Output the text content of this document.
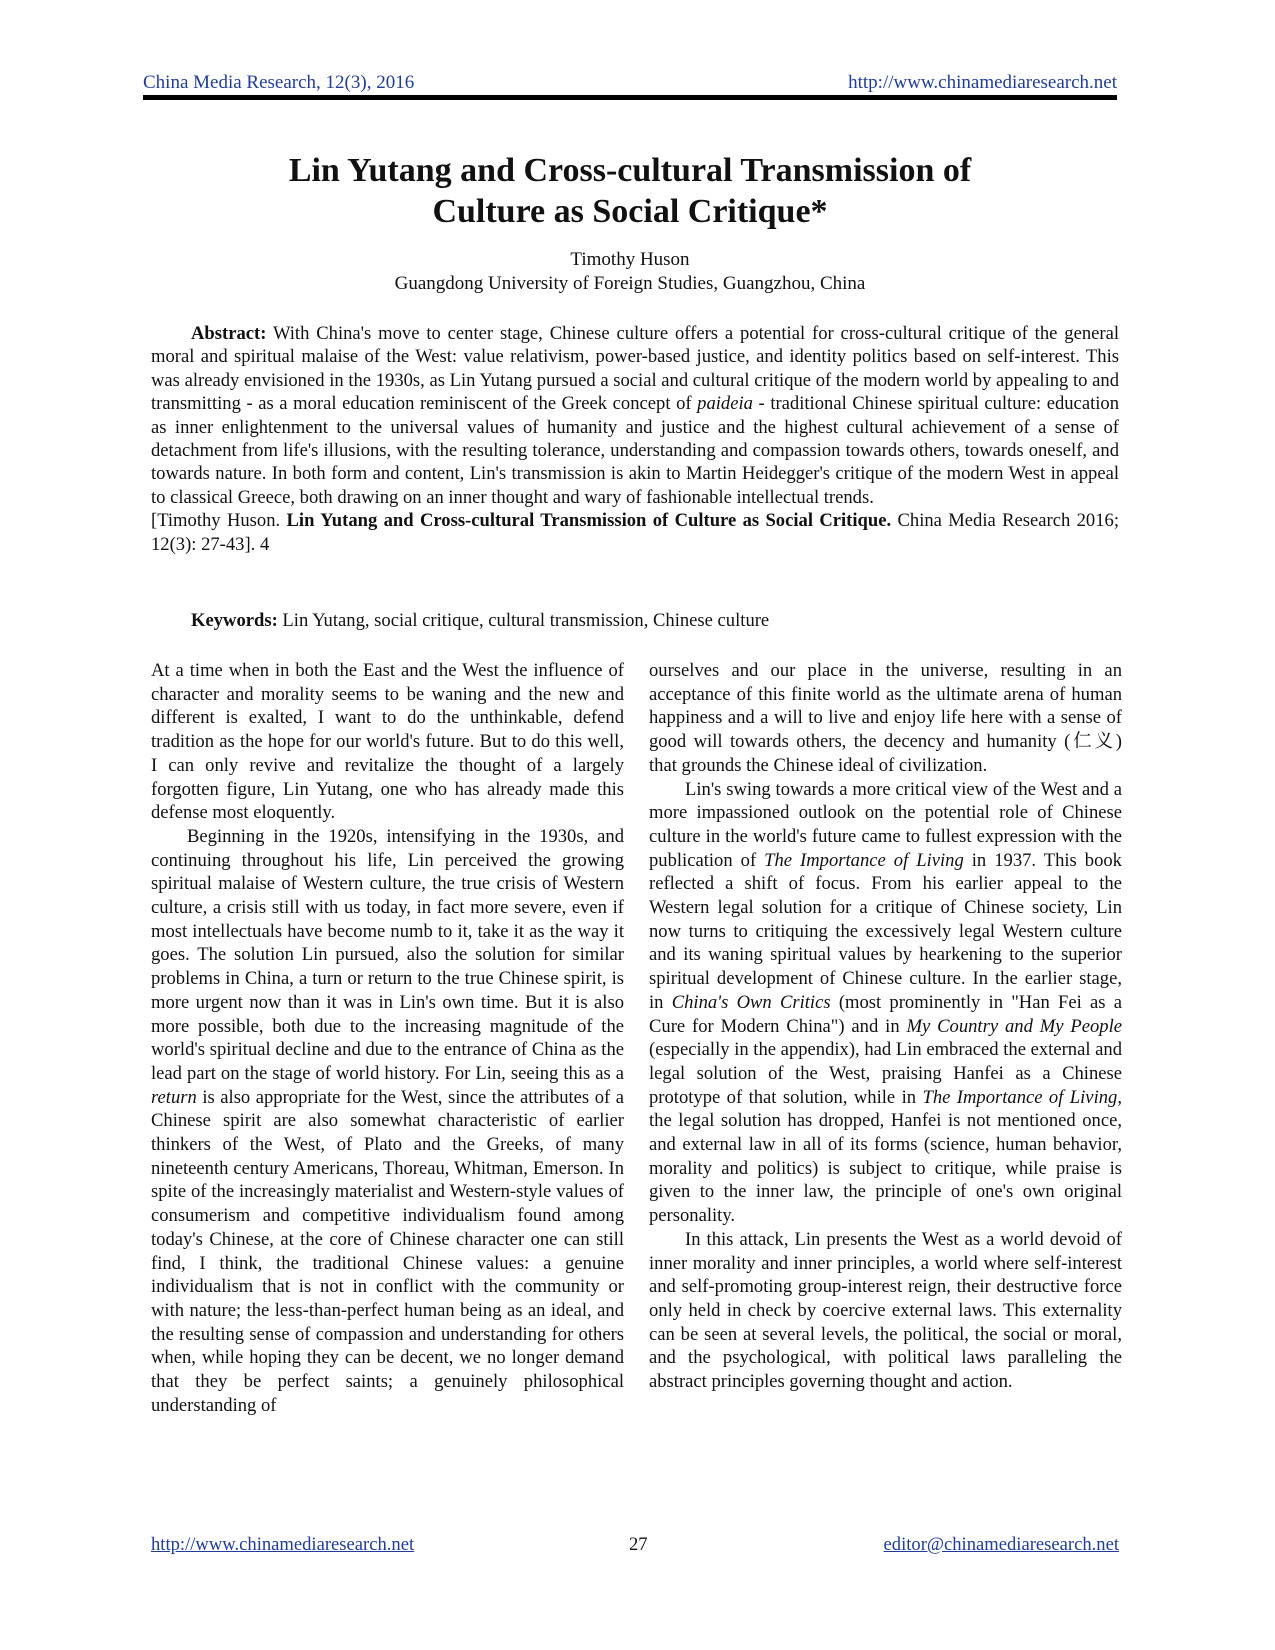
China Media Research, 12(3), 2016	http://www.chinamediaresearch.net
Lin Yutang and Cross-cultural Transmission of
Culture as Social Critique*
Timothy Huson
Guangdong University of Foreign Studies, Guangzhou, China

Abstract: With China's move to center stage, Chinese culture offers a potential for cross-cultural critique of the general moral and spiritual malaise of the West: value relativism, power-based justice, and identity politics based on self-interest. This was already envisioned in the 1930s, as Lin Yutang pursued a social and cultural critique of the modern world by appealing to and transmitting - as a moral education reminiscent of the Greek concept of paideia - traditional Chinese spiritual culture: education as inner enlightenment to the universal values of humanity and justice and the highest cultural achievement of a sense of detachment from life's illusions, with the resulting tolerance, understanding and compassion towards others, towards oneself, and towards nature. In both form and content, Lin's transmission is akin to Martin Heidegger's critique of the modern West in appeal to classical Greece, both drawing on an inner thought and wary of fashionable intellectual trends.

[Timothy Huson. Lin Yutang and Cross-cultural Transmission of Culture as Social Critique. China Media Research 2016; 12(3): 27-43]. 4

Keywords: Lin Yutang, social critique, cultural transmission, Chinese culture

At a time when in both the East and the West the influence of character and morality seems to be waning and the new and different is exalted, I want to do the unthinkable, defend tradition as the hope for our world's future. But to do this well, I can only revive and revitalize the thought of a largely forgotten figure, Lin Yutang, one who has already made this defense most eloquently.

Beginning in the 1920s, intensifying in the 1930s, and continuing throughout his life, Lin perceived the growing spiritual malaise of Western culture, the true crisis of Western culture, a crisis still with us today, in fact more severe, even if most intellectuals have become numb to it, take it as the way it goes. The solution Lin pursued, also the solution for similar problems in China, a turn or return to the true Chinese spirit, is more urgent now than it was in Lin's own time. But it is also more possible, both due to the increasing magnitude of the world's spiritual decline and due to the entrance of China as the lead part on the stage of world history. For Lin, seeing this as a return is also appropriate for the West, since the attributes of a Chinese spirit are also somewhat characteristic of earlier thinkers of the West, of Plato and the Greeks, of many nineteenth century Americans, Thoreau, Whitman, Emerson. In spite of the increasingly materialist and Western-style values of consumerism and competitive individualism found among today's Chinese, at the core of Chinese character one can still find, I think, the traditional Chinese values: a genuine individualism that is not in conflict with the community or with nature; the less-than-perfect human being as an ideal, and the resulting sense of compassion and understanding for others when, while hoping they can be decent, we no longer demand that they be perfect saints; a genuinely philosophical understanding of

ourselves and our place in the universe, resulting in an acceptance of this finite world as the ultimate arena of human happiness and a will to live and enjoy life here with a sense of good will towards others, the decency and humanity (仁义) that grounds the Chinese ideal of civilization.

Lin's swing towards a more critical view of the West and a more impassioned outlook on the potential role of Chinese culture in the world's future came to fullest expression with the publication of The Importance of Living in 1937. This book reflected a shift of focus. From his earlier appeal to the Western legal solution for a critique of Chinese society, Lin now turns to critiquing the excessively legal Western culture and its waning spiritual values by hearkening to the superior spiritual development of Chinese culture. In the earlier stage, in China's Own Critics (most prominently in "Han Fei as a Cure for Modern China") and in My Country and My People (especially in the appendix), had Lin embraced the external and legal solution of the West, praising Hanfei as a Chinese prototype of that solution, while in The Importance of Living, the legal solution has dropped, Hanfei is not mentioned once, and external law in all of its forms (science, human behavior, morality and politics) is subject to critique, while praise is given to the inner law, the principle of one's own original personality.

In this attack, Lin presents the West as a world devoid of inner morality and inner principles, a world where self-interest and self-promoting group-interest reign, their destructive force only held in check by coercive external laws. This externality can be seen at several levels, the political, the social or moral, and the psychological, with political laws paralleling the abstract principles governing thought and action.

http://www.chinamediaresearch.net	27	editor@chinamediaresearch.net
